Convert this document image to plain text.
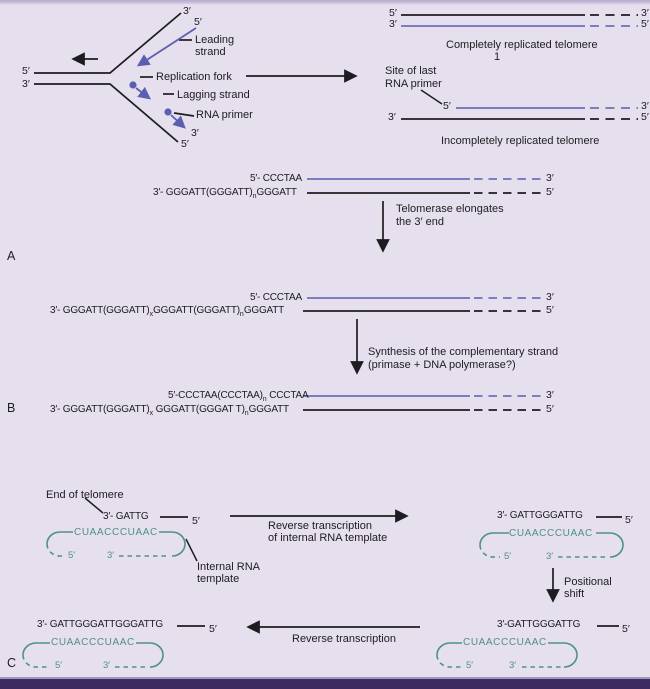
3′
5′
Leading
strand
5′
3′
Replication fork
Lagging strand
RNA primer
3′
5′
5′	3′
3′	5′
Completely replicated telomere
1
Site of last
RNA primer
5′	3′
3′	5′
Incompletely replicated telomere
5′- CCCTAA	3′
3′- $GGGATT(GGGATT)_nGGGATT$	5′
Telomerase elongates
the 3′ end
A
5′- CCCTAA	3′
3′- $GGGATT(GGGATT)_xGGGATT(GGGATT)_nGGGATT$	5′
Synthesis of the complementary strand
(primase + DNA polymerase?)
$5'-CCCTAA(CCCTAA)_n$ CCCTAA	3′
3′- $GGGATT(GGGATT)_x$ GGGATT(GGGAT $T)_nGGGATT$	5′
B
End of telomere
3′- GATTG	5′
CUAACCCUAAC
5′	3′
Internal RNA
template
Reverse transcription
of internal RNA template
3′- GATTGGGATTG	5′
CUAACCCUAAC
5′	3′
Positional
shift
3′-GATTGGGATTG	5′
CUAACCCUAAC
5′	3′
Reverse transcription
3′- GATTGGGATTGGGATTG	5′
CUAACCCUAAC
5′	3′
C
